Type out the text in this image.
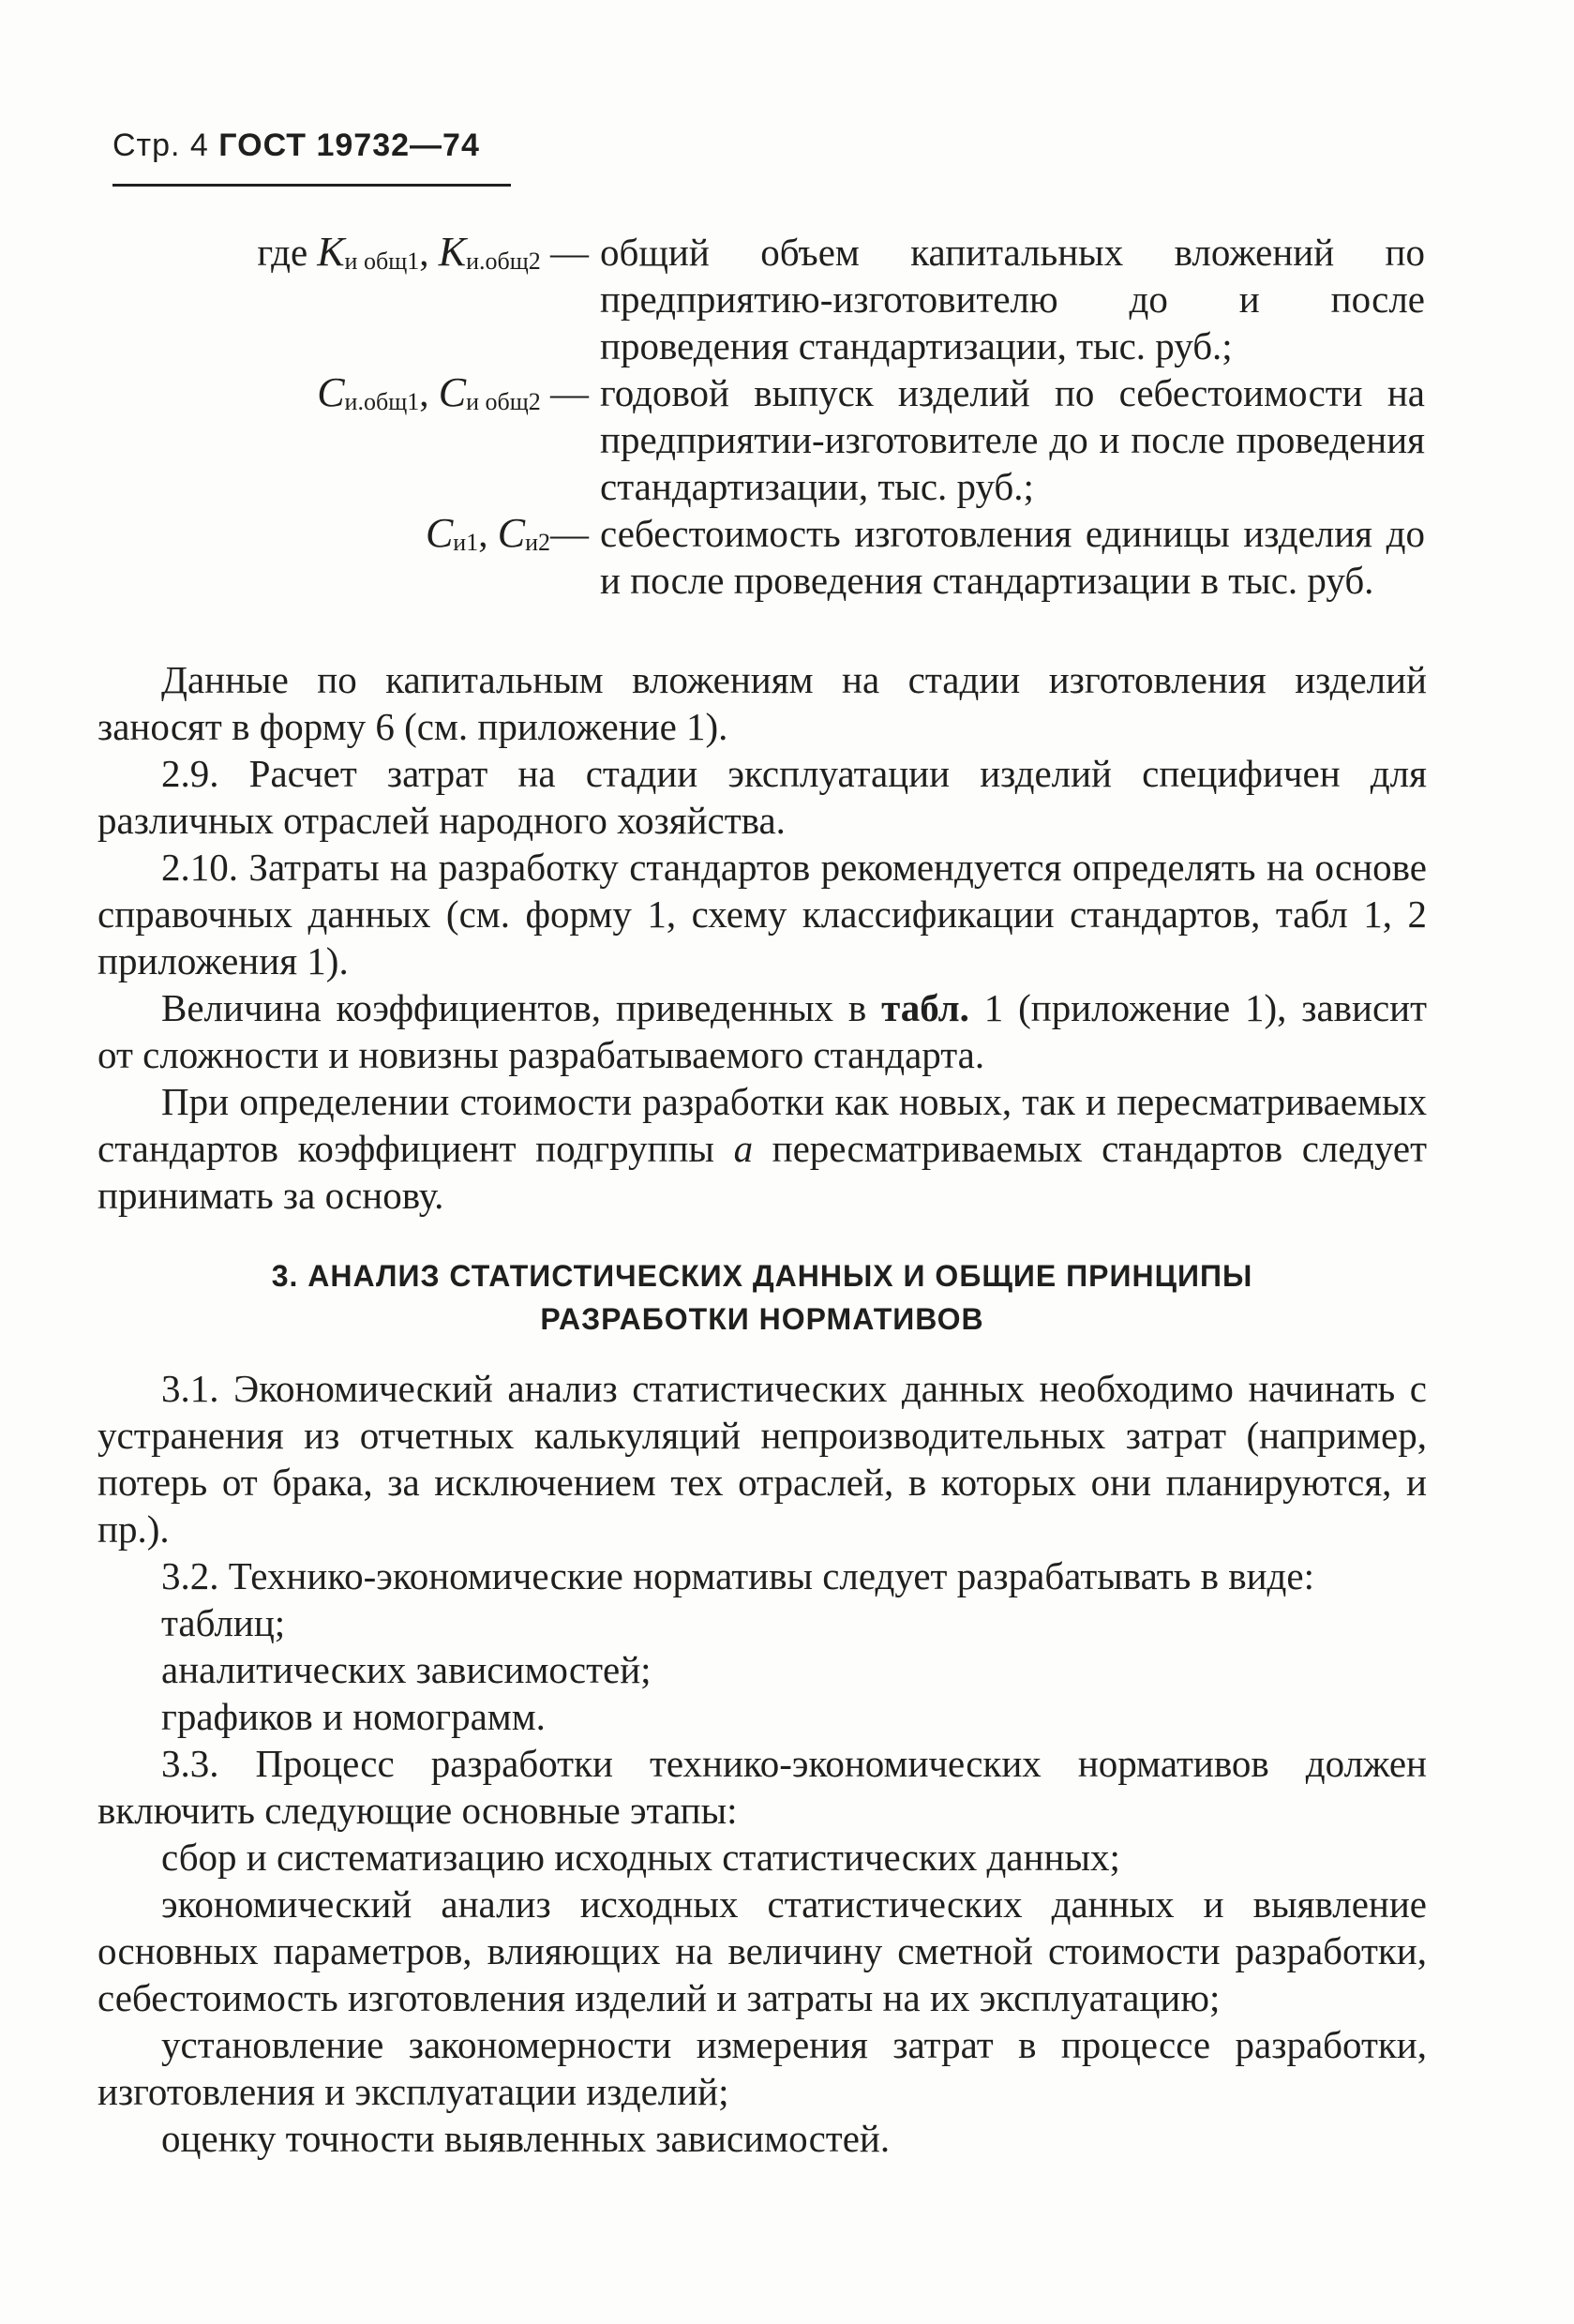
Стр. 4 ГОСТ 19732—74
где $K_{и общ1}$, $K_{и.общ2}$ — общий объем капитальных вложений по предприятию-изготовителю до и после проведения стандартизации, тыс. руб.;
$C_{и.общ1}$, $C_{и общ2}$ — годовой выпуск изделий по себестоимости на предприятии-изготовителе до и после проведения стандартизации, тыс. руб.;
$C_{и1}$, $C_{и2}—$ себестоимость изготовления единицы изделия до и после проведения стандартизации в тыс. руб.

Данные по капитальным вложениям на стадии изготовления изделий заносят в форму 6 (см. приложение 1).

2.9. Расчет затрат на стадии эксплуатации изделий специфичен для различных отраслей народного хозяйства.

2.10. Затраты на разработку стандартов рекомендуется определять на основе справочных данных (см. форму 1, схему классификации стандартов, табл 1, 2 приложения 1).

Величина коэффициентов, приведенных в табл. 1 (приложение 1), зависит от сложности и новизны разрабатываемого стандарта.

При определении стоимости разработки как новых, так и пересматриваемых стандартов коэффициент подгруппы а пересматриваемых стандартов следует принимать за основу.

3. АНАЛИЗ СТАТИСТИЧЕСКИХ ДАННЫХ И ОБЩИЕ ПРИНЦИПЫ
РАЗРАБОТКИ НОРМАТИВОВ

3.1. Экономический анализ статистических данных необходимо начинать с устранения из отчетных калькуляций непроизводительных затрат (например, потерь от брака, за исключением тех отраслей, в которых они планируются, и пр.).

3.2. Технико-экономические нормативы следует разрабатывать в виде:

таблиц;

аналитических зависимостей;

графиков и номограмм.

3.3. Процесс разработки технико-экономических нормативов должен включить следующие основные этапы:

сбор и систематизацию исходных статистических данных;

экономический анализ исходных статистических данных и выявление основных параметров, влияющих на величину сметной стоимости разработки, себестоимость изготовления изделий и затраты на их эксплуатацию;

установление закономерности измерения затрат в процессе разработки, изготовления и эксплуатации изделий;

оценку точности выявленных зависимостей.
